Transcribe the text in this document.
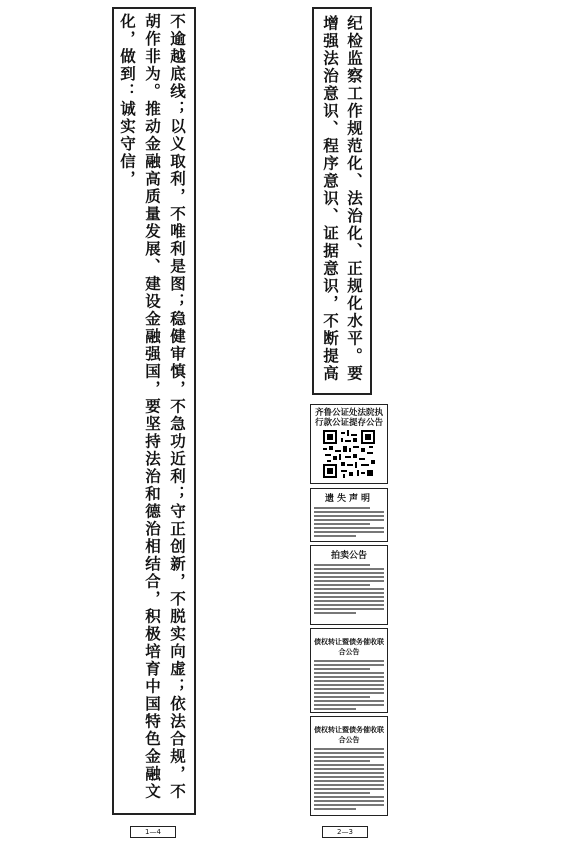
不逾越底线；以义取利，不唯利是图；稳健审慎，不急功近利；守正创新，不脱实向虚；依法合规，不胡作非为。推动金融高质量发展、建设金融强国，要坚持法治和德治相结合，积极培育中国特色金融文化，做到：诚实守信，	纪检监察工作规范化、法治化、正规化水平。要增强法治意识、程序意识、证据意识，不断提高
齐鲁公证处法院执行款公证提存公告
遗失声明
拍卖公告
债权转让暨债务催收联合公告
债权转让暨债务催收联合公告
1—4	2—3
